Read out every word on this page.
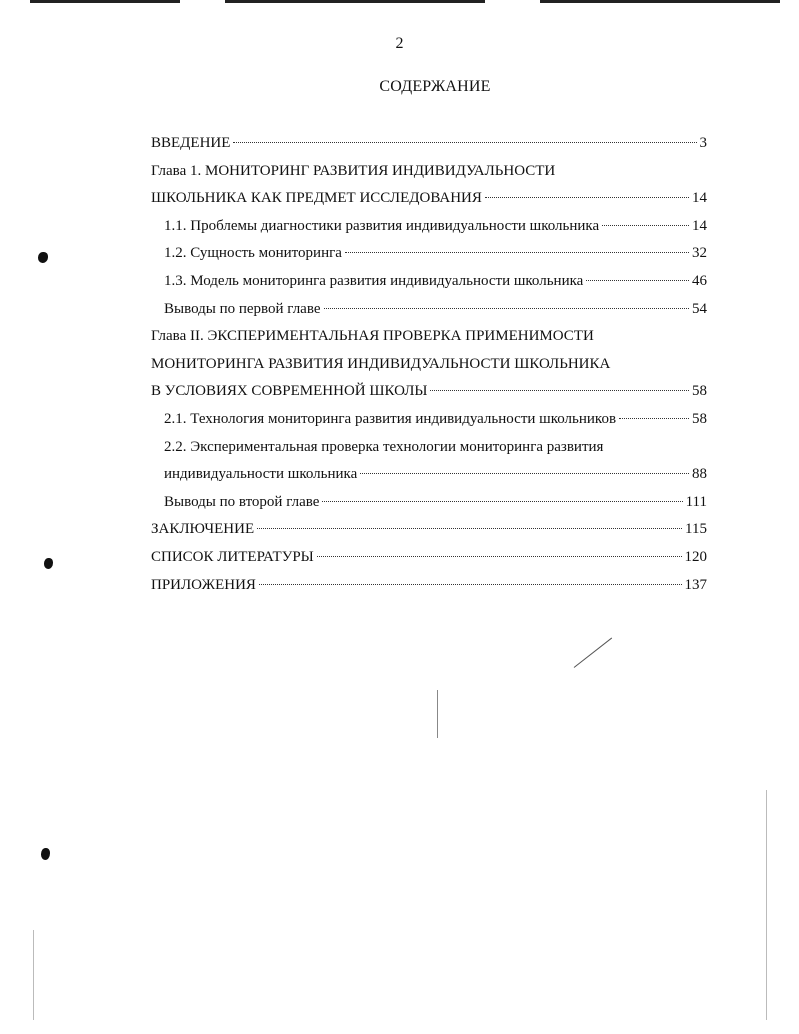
2
СОДЕРЖАНИЕ
ВВЕДЕНИЕ	3
Глава 1. МОНИТОРИНГ РАЗВИТИЯ ИНДИВИДУАЛЬНОСТИ
ШКОЛЬНИКА КАК ПРЕДМЕТ ИССЛЕДОВАНИЯ	14
1.1. Проблемы диагностики развития индивидуальности школьника	14
1.2. Сущность мониторинга	32
1.3. Модель мониторинга развития индивидуальности школьника	46
Выводы по первой главе	54
Глава II. ЭКСПЕРИМЕНТАЛЬНАЯ ПРОВЕРКА ПРИМЕНИМОСТИ
МОНИТОРИНГА РАЗВИТИЯ ИНДИВИДУАЛЬНОСТИ ШКОЛЬНИКА
В УСЛОВИЯХ СОВРЕМЕННОЙ ШКОЛЫ	58
2.1. Технология мониторинга развития индивидуальности школьников	58
2.2. Экспериментальная проверка технологии мониторинга развития
индивидуальности школьника	88
Выводы по второй главе	111
ЗАКЛЮЧЕНИЕ	115
СПИСОК ЛИТЕРАТУРЫ	120
ПРИЛОЖЕНИЯ	137
